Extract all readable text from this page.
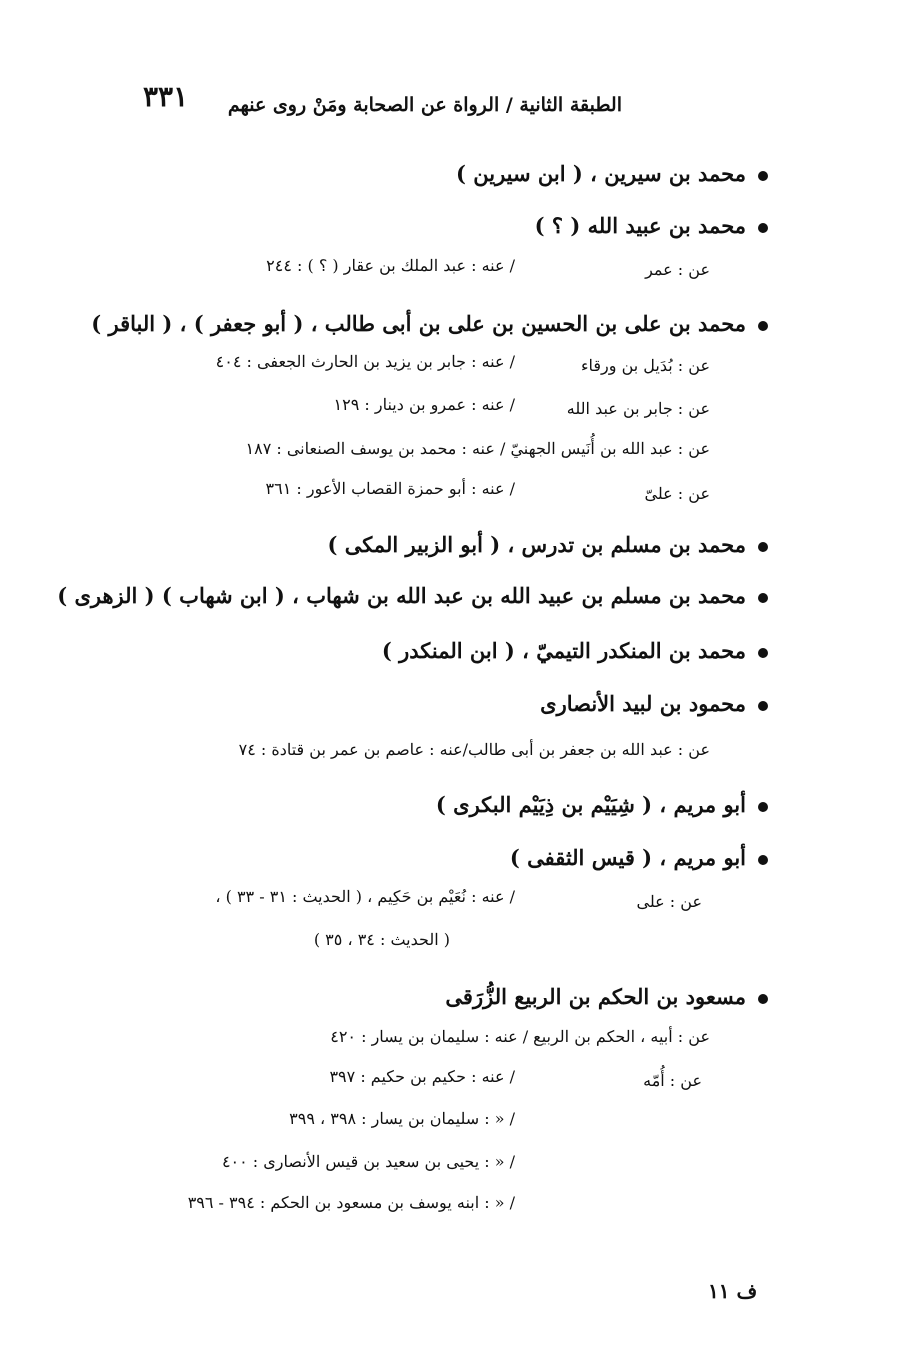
٣٣١ الطبقة الثانية / الرواة عن الصحابة ومَنْ روى عنهم
محمد بن سيرين ، ( ابن سيرين )
محمد بن عبيد الله ( ؟ )
عن : عمر
/ عنه : عبد الملك بن عقار ( ؟ ) : ٢٤٤
محمد بن على بن الحسين بن على بن أبى طالب ، ( أبو جعفر ) ، ( الباقر )
عن : بُدَيل بن ورقاء
/ عنه : جابر بن يزيد بن الحارث الجعفى : ٤٠٤
عن : جابر بن عبد الله
/ عنه : عمرو بن دينار : ١٢٩
عن : عبد الله بن أُنَيس الجهنيّ / عنه : محمد بن يوسف الصنعانى : ١٨٧
عن : علىّ
/ عنه : أبو حمزة القصاب الأعور : ٣٦١
محمد بن مسلم بن تدرس ، ( أبو الزبير المكى )
محمد بن مسلم بن عبيد الله بن عبد الله بن شهاب ، ( ابن شهاب ) ( الزهرى )
محمد بن المنكدر التيميّ ، ( ابن المنكدر )
محمود بن لبيد الأنصارى
عن : عبد الله بن جعفر بن أبى طالب/عنه : عاصم بن عمر بن قتادة : ٧٤
أبو مريم ، ( شِيَيْم بن ذِيَيْم البكرى )
أبو مريم ، ( قيس الثقفى )
عن : على
/ عنه : نُعَيْم بن حَكِيم ، ( الحديث : ٣١ - ٣٣ ) ،
( الحديث : ٣٤ ، ٣٥ )
مسعود بن الحكم بن الربيع الزُّرَقى
عن : أبيه ، الحكم بن الربيع / عنه : سليمان بن يسار : ٤٢٠
عن : أُمّه
/ عنه : حكيم بن حكيم : ٣٩٧
/ « : سليمان بن يسار : ٣٩٨ ، ٣٩٩
/ « : يحيى بن سعيد بن قيس الأنصارى : ٤٠٠
/ « : ابنه يوسف بن مسعود بن الحكم : ٣٩٤ - ٣٩٦
ف ١١
